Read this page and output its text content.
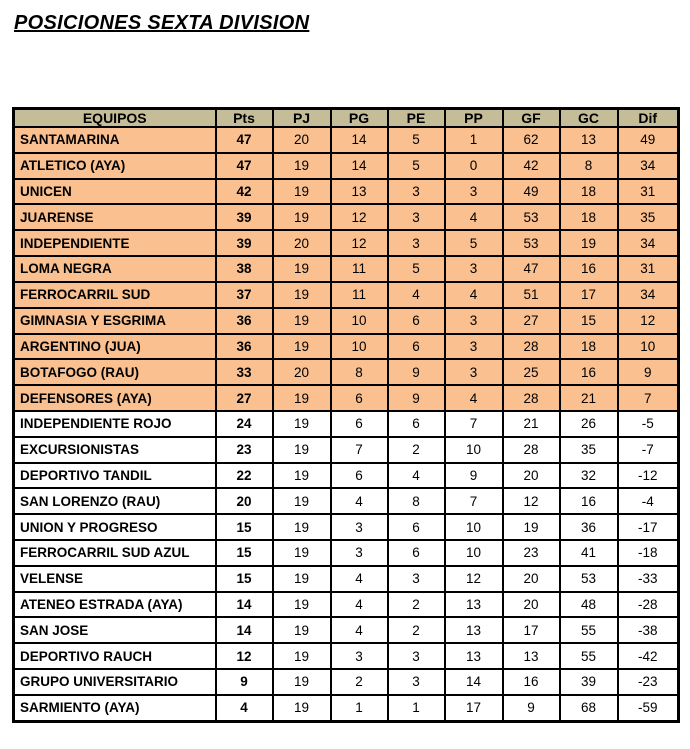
POSICIONES SEXTA DIVISION
EQUIPOS	Pts	PJ	PG	PE	PP	GF	GC	Dif
SANTAMARINA	47	20	14	5	1	62	13	49
ATLETICO (AYA)	47	19	14	5	0	42	8	34
UNICEN	42	19	13	3	3	49	18	31
JUARENSE	39	19	12	3	4	53	18	35
INDEPENDIENTE	39	20	12	3	5	53	19	34
LOMA NEGRA	38	19	11	5	3	47	16	31
FERROCARRIL SUD	37	19	11	4	4	51	17	34
GIMNASIA Y ESGRIMA	36	19	10	6	3	27	15	12
ARGENTINO (JUA)	36	19	10	6	3	28	18	10
BOTAFOGO (RAU)	33	20	8	9	3	25	16	9
DEFENSORES (AYA)	27	19	6	9	4	28	21	7
INDEPENDIENTE ROJO	24	19	6	6	7	21	26	-5
EXCURSIONISTAS	23	19	7	2	10	28	35	-7
DEPORTIVO TANDIL	22	19	6	4	9	20	32	-12
SAN LORENZO (RAU)	20	19	4	8	7	12	16	-4
UNION Y PROGRESO	15	19	3	6	10	19	36	-17
FERROCARRIL SUD AZUL	15	19	3	6	10	23	41	-18
VELENSE	15	19	4	3	12	20	53	-33
ATENEO ESTRADA (AYA)	14	19	4	2	13	20	48	-28
SAN JOSE	14	19	4	2	13	17	55	-38
DEPORTIVO RAUCH	12	19	3	3	13	13	55	-42
GRUPO UNIVERSITARIO	9	19	2	3	14	16	39	-23
SARMIENTO (AYA)	4	19	1	1	17	9	68	-59
